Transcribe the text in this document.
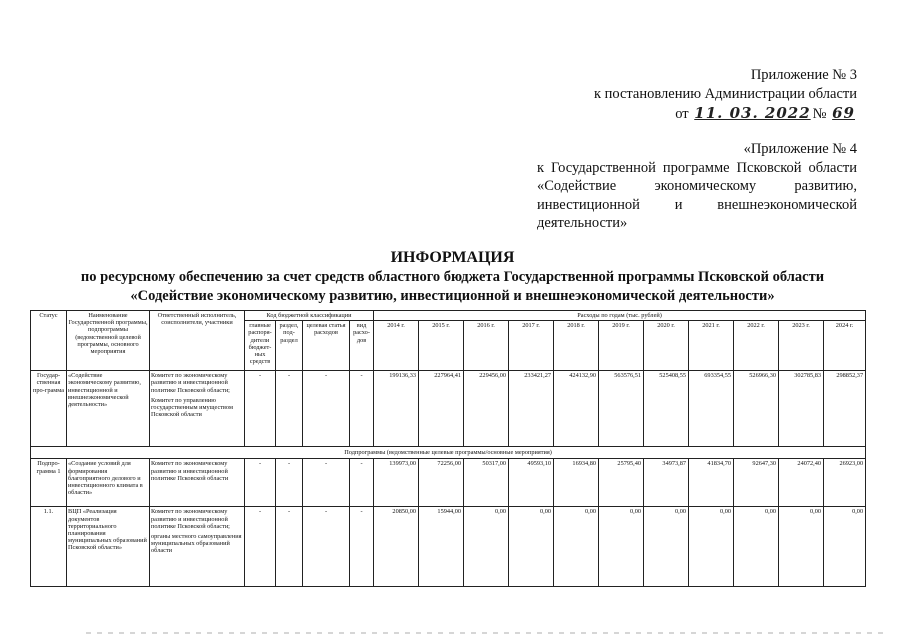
Приложение № 3
к постановлению Администрации области
от 11. 03. 2022 № 69
«Приложение № 4
к Государственной программе Псковской области «Содействие экономическому развитию, инвестиционной и внешнеэкономической деятельности»
ИНФОРМАЦИЯ
по ресурсному обеспечению за счет средств областного бюджета Государственной программы Псковской области
«Содействие экономическому развитию, инвестиционной и внешнеэкономической деятельности»
Статус	Наименование Государственной программы, подпрограммы (ведомственной целевой программы, основного мероприятия	Ответственный исполнитель, соисполнители, участники	Код бюджетной классификации				Расходы по годам (тыс. рублей)										
			главные распоря-дители бюджет-ных средств	раздел, под-раздел	целевая статья расходов	вид расхо-дов	2014 г.	2015 г.	2016 г.	2017 г.	2018 г.	2019 г.	2020 г.	2021 г.	2022 г.	2023 г.	2024 г.
Государ-ственная про-грамма	«Содействие экономическому развитию, инвестиционной и внешнеэкономической деятельности»	Комитет по экономическому развитию и инвестиционной политике Псковской области;
Комитет по управлению государственным имуществом Псковской области	-	-	-	-	199136,33	227964,41	229456,00	233421,27	424132,90	563576,51	525408,55	693354,55	526966,30	302785,83	298852,37
Подпрограммы (ведомственные целевые программы/основные мероприятия)																	
Подпро-грамма 1	«Создание условий для формирования благоприятного делового и инвестиционного климата в области»	Комитет по экономическому развитию и инвестиционной политике Псковской области	-	-	-	-	139973,00	72256,00	50317,00	49593,10	16934,80	25795,40	34973,87	41834,70	92647,30	24072,40	26923,00
1.1.	ВЦП «Реализация документов территориального планирования муниципальных образований Псковской области»	Комитет по экономическому развитию и инвестиционной политике Псковской области;
органы местного самоуправления муниципальных образований области	-	-	-	-	20850,00	15944,00	0,00	0,00	0,00	0,00	0,00	0,00	0,00	0,00	0,00
